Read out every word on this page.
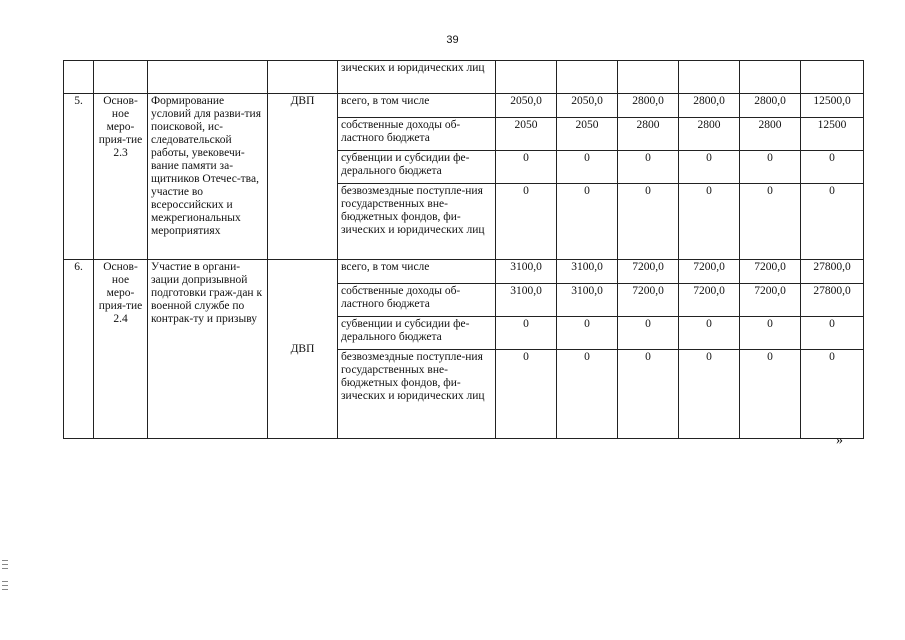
39
				зических и юридических лиц						
5.	Основ-ное меро-прия-тие 2.3	Формирование условий для разви-тия поисковой, ис-следовательской работы, увековечи-вание памяти за-щитников Отечес-тва, участие во всероссийских и межрегиональных мероприятиях	ДВП	всего, в том числе	2050,0	2050,0	2800,0	2800,0	2800,0	12500,0
				собственные доходы об-ластного бюджета	2050	2050	2800	2800	2800	12500
				субвенции и субсидии фе-дерального бюджета	0	0	0	0	0	0
				безвозмездные поступле-ния государственных вне-бюджетных фондов, фи-зических и юридических лиц	0	0	0	0	0	0
6.	Основ-ное меро-прия-тие 2.4	Участие в органи-зации допризывной подготовки граж-дан к военной службе по контрак-ту и призыву	ДВП	всего, в том числе	3100,0	3100,0	7200,0	7200,0	7200,0	27800,0
				собственные доходы об-ластного бюджета	3100,0	3100,0	7200,0	7200,0	7200,0	27800,0
				субвенции и субсидии фе-дерального бюджета	0	0	0	0	0	0
				безвозмездные поступле-ния государственных вне-бюджетных фондов, фи-зических и юридических лиц	0	0	0	0	0	0
»
